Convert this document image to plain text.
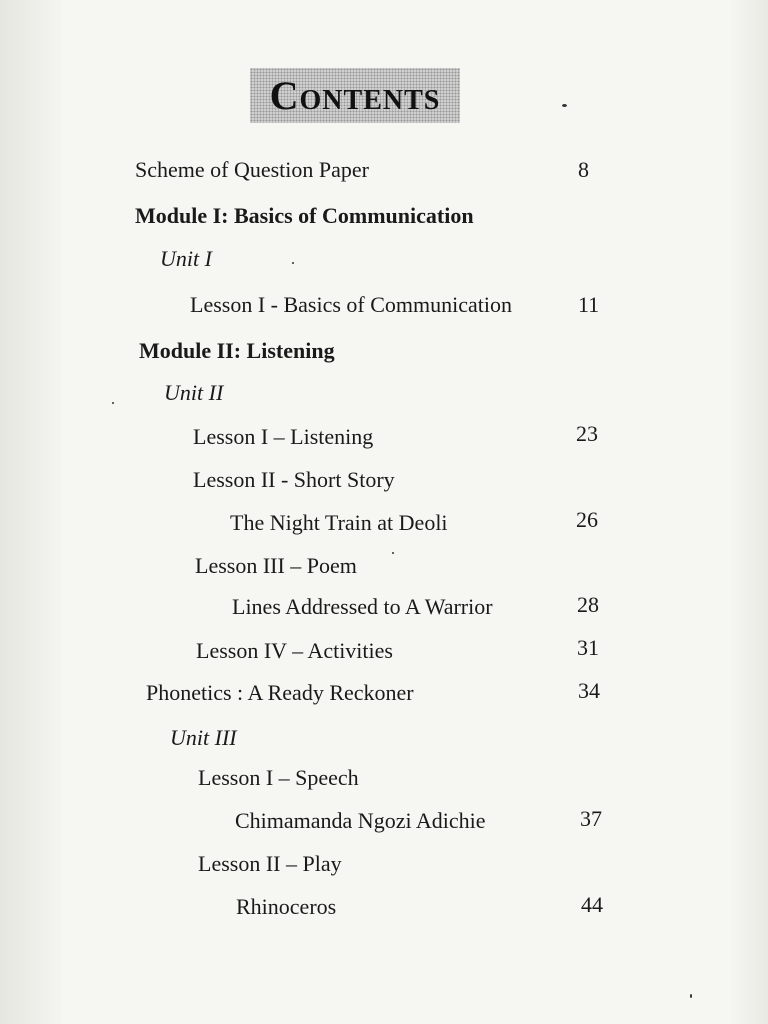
Contents
Scheme of Question Paper	8
Module I: Basics of Communication
Unit I
Lesson I - Basics of Communication	11
Module II: Listening
Unit II
Lesson I – Listening	23
Lesson II - Short Story
The Night Train at Deoli	26
Lesson III – Poem
Lines Addressed to A Warrior	28
Lesson IV – Activities	31
Phonetics : A Ready Reckoner	34
Unit III
Lesson I – Speech
Chimamanda Ngozi Adichie	37
Lesson II – Play
Rhinoceros	44
